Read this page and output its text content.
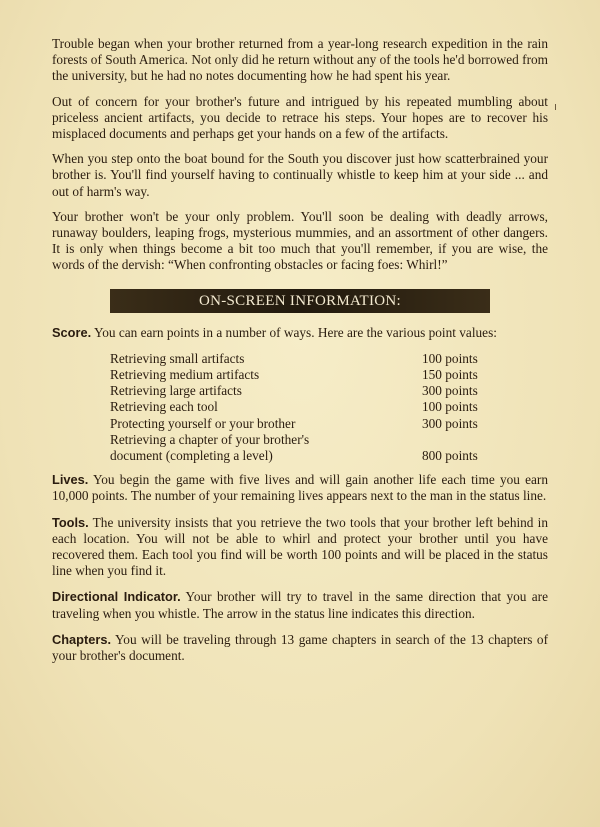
Trouble began when your brother returned from a year-long research expedition in the rain forests of South America. Not only did he return without any of the tools he'd borrowed from the university, but he had no notes documenting how he had spent his year.

Out of concern for your brother's future and intrigued by his repeated mumbling about priceless ancient artifacts, you decide to retrace his steps. Your hopes are to recover his misplaced documents and perhaps get your hands on a few of the artifacts.

When you step onto the boat bound for the South you discover just how scatterbrained your brother is. You'll find yourself having to continually whistle to keep him at your side ... and out of harm's way.

Your brother won't be your only problem. You'll soon be dealing with deadly arrows, runaway boulders, leaping frogs, mysterious mummies, and an assortment of other dangers. It is only when things become a bit too much that you'll remember, if you are wise, the words of the dervish: “When confronting obstacles or facing foes: Whirl!”

ON-SCREEN INFORMATION:

Score. You can earn points in a number of ways. Here are the various point values:

Retrieving small artifacts	100 points
Retrieving medium artifacts	150 points
Retrieving large artifacts	300 points
Retrieving each tool	100 points
Protecting yourself or your brother	300 points
Retrieving a chapter of your brother's	
document (completing a level)	800 points

Lives. You begin the game with five lives and will gain another life each time you earn 10,000 points. The number of your remaining lives appears next to the man in the status line.

Tools. The university insists that you retrieve the two tools that your brother left behind in each location. You will not be able to whirl and protect your brother until you have recovered them. Each tool you find will be worth 100 points and will be placed in the status line when you find it.

Directional Indicator. Your brother will try to travel in the same direction that you are traveling when you whistle. The arrow in the status line indicates this direction.

Chapters. You will be traveling through 13 game chapters in search of the 13 chapters of your brother's document.
